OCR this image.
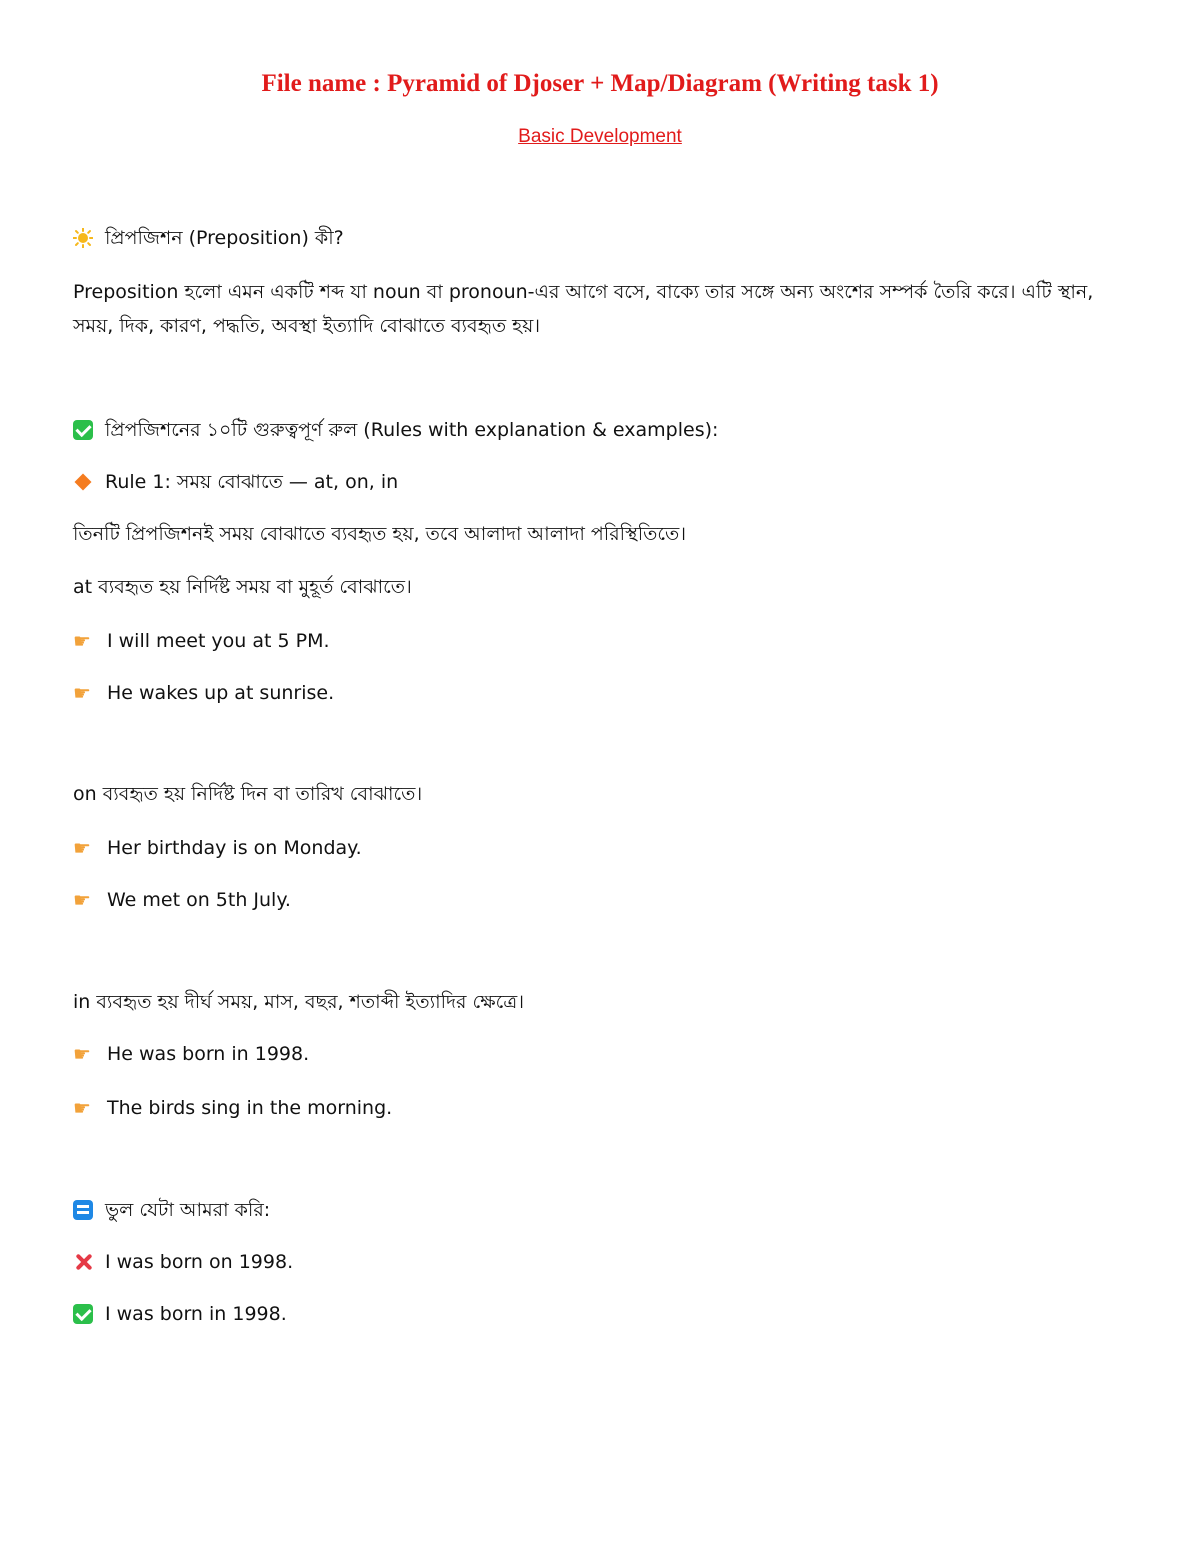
File name : Pyramid of Djoser + Map/Diagram (Writing task 1)
Basic Development
প্রিপজিশন (Preposition) কী?
Preposition হলো এমন একটি শব্দ যা noun বা pronoun-এর আগে বসে, বাক্যে তার সঙ্গে অন্য অংশের সম্পর্ক তৈরি করে। এটি স্থান, সময়, দিক, কারণ, পদ্ধতি, অবস্থা ইত্যাদি বোঝাতে ব্যবহৃত হয়।
প্রিপজিশনের ১০টি গুরুত্বপূর্ণ রুল (Rules with explanation & examples):
Rule 1: সময় বোঝাতে — at, on, in
তিনটি প্রিপজিশনই সময় বোঝাতে ব্যবহৃত হয়, তবে আলাদা আলাদা পরিস্থিতিতে।
at ব্যবহৃত হয় নির্দিষ্ট সময় বা মুহূর্ত বোঝাতে।
☛ I will meet you at 5 PM.
☛ He wakes up at sunrise.
on ব্যবহৃত হয় নির্দিষ্ট দিন বা তারিখ বোঝাতে।
☛ Her birthday is on Monday.
☛ We met on 5th July.
in ব্যবহৃত হয় দীর্ঘ সময়, মাস, বছর, শতাব্দী ইত্যাদির ক্ষেত্রে।
☛ He was born in 1998.
☛ The birds sing in the morning.
ভুল যেটা আমরা করি:
I was born on 1998.
I was born in 1998.
